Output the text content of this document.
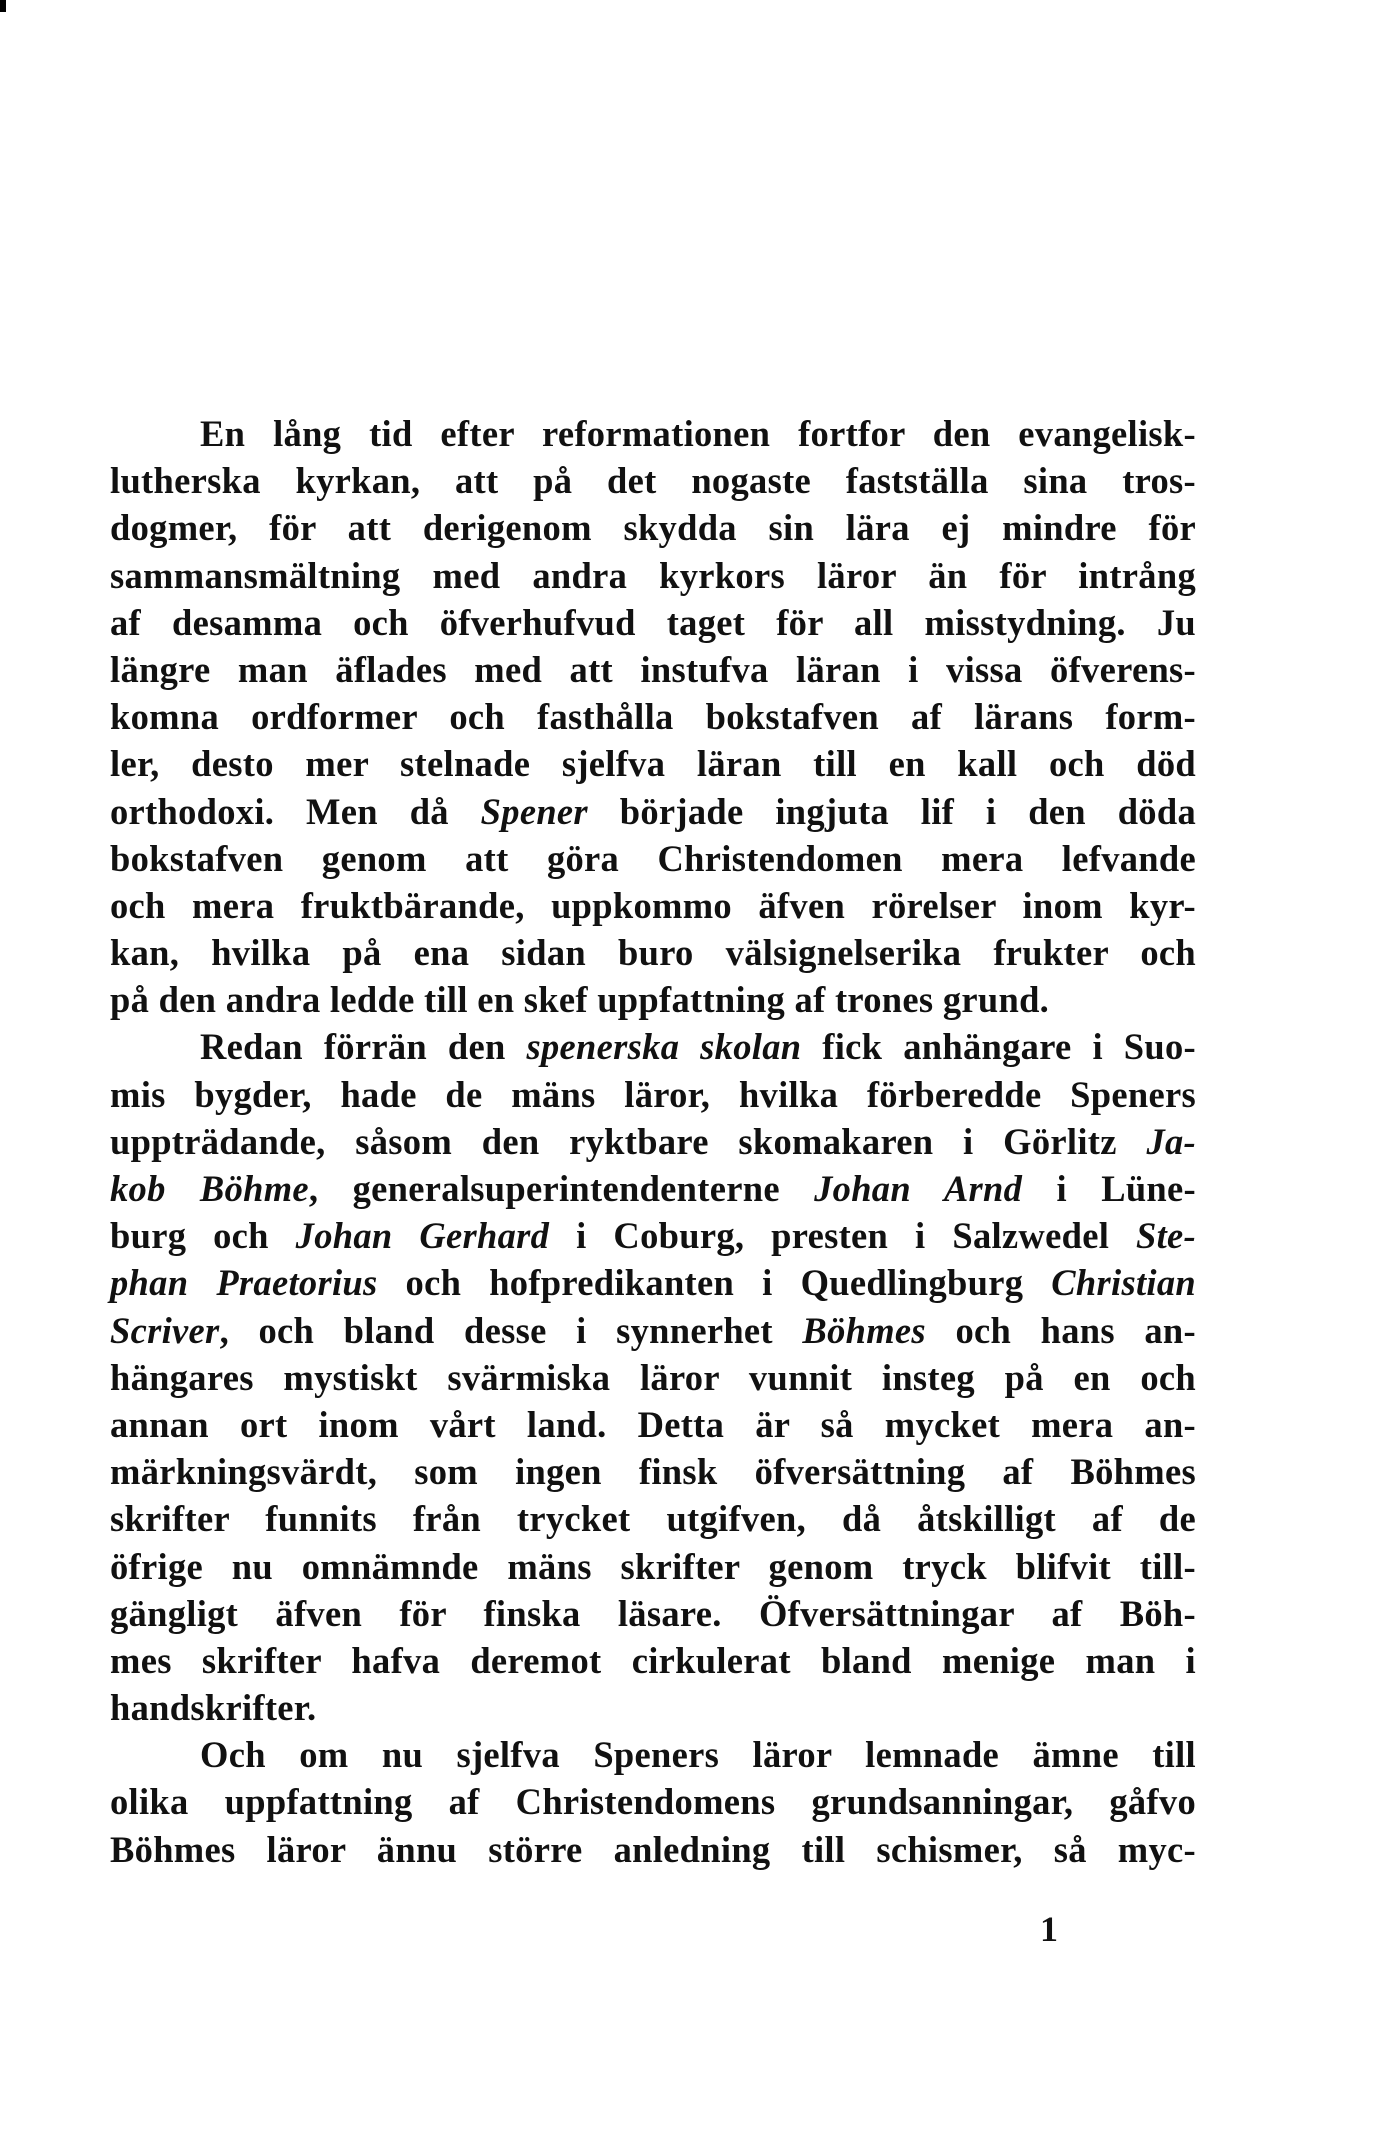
En lång tid efter reformationen fortfor den evangelisk-
lutherska kyrkan, att på det nogaste fastställa sina tros-
dogmer, för att derigenom skydda sin lära ej mindre för
sammansmältning med andra kyrkors läror än för intrång
af desamma och öfverhufvud taget för all misstydning. Ju
längre man äflades med att instufva läran i vissa öfverens-
komna ordformer och fasthålla bokstafven af lärans form-
ler, desto mer stelnade sjelfva läran till en kall och död
orthodoxi. Men då Spener började ingjuta lif i den döda
bokstafven genom att göra Christendomen mera lefvande
och mera fruktbärande, uppkommo äfven rörelser inom kyr-
kan, hvilka på ena sidan buro välsignelserika frukter och
på den andra ledde till en skef uppfattning af trones grund.
Redan förrän den spenerska skolan fick anhängare i Suo-
mis bygder, hade de mäns läror, hvilka förberedde Speners
uppträdande, såsom den ryktbare skomakaren i Görlitz Ja-
kob Böhme, generalsuperintendenterne Johan Arnd i Lüne-
burg och Johan Gerhard i Coburg, presten i Salzwedel Ste-
phan Praetorius och hofpredikanten i Quedlingburg Christian
Scriver, och bland desse i synnerhet Böhmes och hans an-
hängares mystiskt svärmiska läror vunnit insteg på en och
annan ort inom vårt land. Detta är så mycket mera an-
märkningsvärdt, som ingen finsk öfversättning af Böhmes
skrifter funnits från trycket utgifven, då åtskilligt af de
öfrige nu omnämnde mäns skrifter genom tryck blifvit till-
gängligt äfven för finska läsare. Öfversättningar af Böh-
mes skrifter hafva deremot cirkulerat bland menige man i
handskrifter.
Och om nu sjelfva Speners läror lemnade ämne till
olika uppfattning af Christendomens grundsanningar, gåfvo
Böhmes läror ännu större anledning till schismer, så myc-
1
